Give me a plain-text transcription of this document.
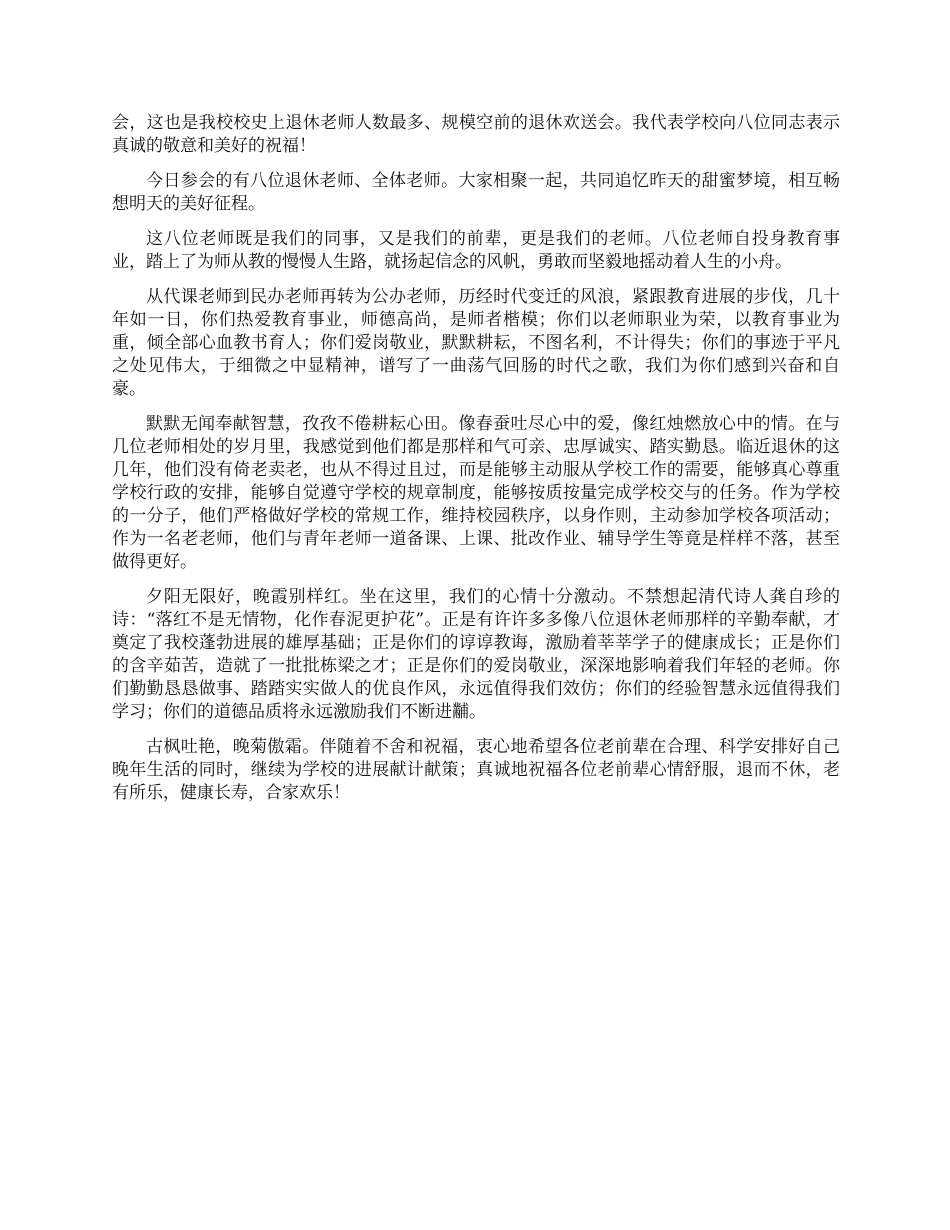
会，这也是我校校史上退休老师人数最多、规模空前的退休欢送会。我代表学校向八位同志表示真诚的敬意和美好的祝福！

今日参会的有八位退休老师、全体老师。大家相聚一起，共同追忆昨天的甜蜜梦境，相互畅想明天的美好征程。

这八位老师既是我们的同事，又是我们的前辈，更是我们的老师。八位老师自投身教育事业，踏上了为师从教的慢慢人生路，就扬起信念的风帆，勇敢而坚毅地摇动着人生的小舟。

从代课老师到民办老师再转为公办老师，历经时代变迁的风浪，紧跟教育进展的步伐，几十年如一日，你们热爱教育事业，师德高尚，是师者楷模；你们以老师职业为荣，以教育事业为重，倾全部心血教书育人；你们爱岗敬业，默默耕耘，不图名利，不计得失；你们的事迹于平凡之处见伟大，于细微之中显精神，谱写了一曲荡气回肠的时代之歌，我们为你们感到兴奋和自豪。

默默无闻奉献智慧，孜孜不倦耕耘心田。像春蚕吐尽心中的爱，像红烛燃放心中的情。在与几位老师相处的岁月里，我感觉到他们都是那样和气可亲、忠厚诚实、踏实勤恳。临近退休的这几年，他们没有倚老卖老，也从不得过且过，而是能够主动服从学校工作的需要，能够真心尊重学校行政的安排，能够自觉遵守学校的规章制度，能够按质按量完成学校交与的任务。作为学校的一分子，他们严格做好学校的常规工作，维持校园秩序，以身作则，主动参加学校各项活动；作为一名老老师，他们与青年老师一道备课、上课、批改作业、辅导学生等竟是样样不落，甚至做得更好。

夕阳无限好，晚霞别样红。坐在这里，我们的心情十分激动。不禁想起清代诗人龚自珍的诗：“落红不是无情物，化作春泥更护花”。正是有许许多多像八位退休老师那样的辛勤奉献，才奠定了我校蓬勃进展的雄厚基础；正是你们的谆谆教诲，激励着莘莘学子的健康成长；正是你们的含辛茹苦，造就了一批批栋梁之才；正是你们的爱岗敬业，深深地影响着我们年轻的老师。你们勤勤恳恳做事、踏踏实实做人的优良作风，永远值得我们效仿；你们的经验智慧永远值得我们学习；你们的道德品质将永远激励我们不断进黼。

古枫吐艳，晚菊傲霜。伴随着不舍和祝福，衷心地希望各位老前辈在合理、科学安排好自己晚年生活的同时，继续为学校的进展献计献策；真诚地祝福各位老前辈心情舒服，退而不休，老有所乐，健康长寿，合家欢乐！
